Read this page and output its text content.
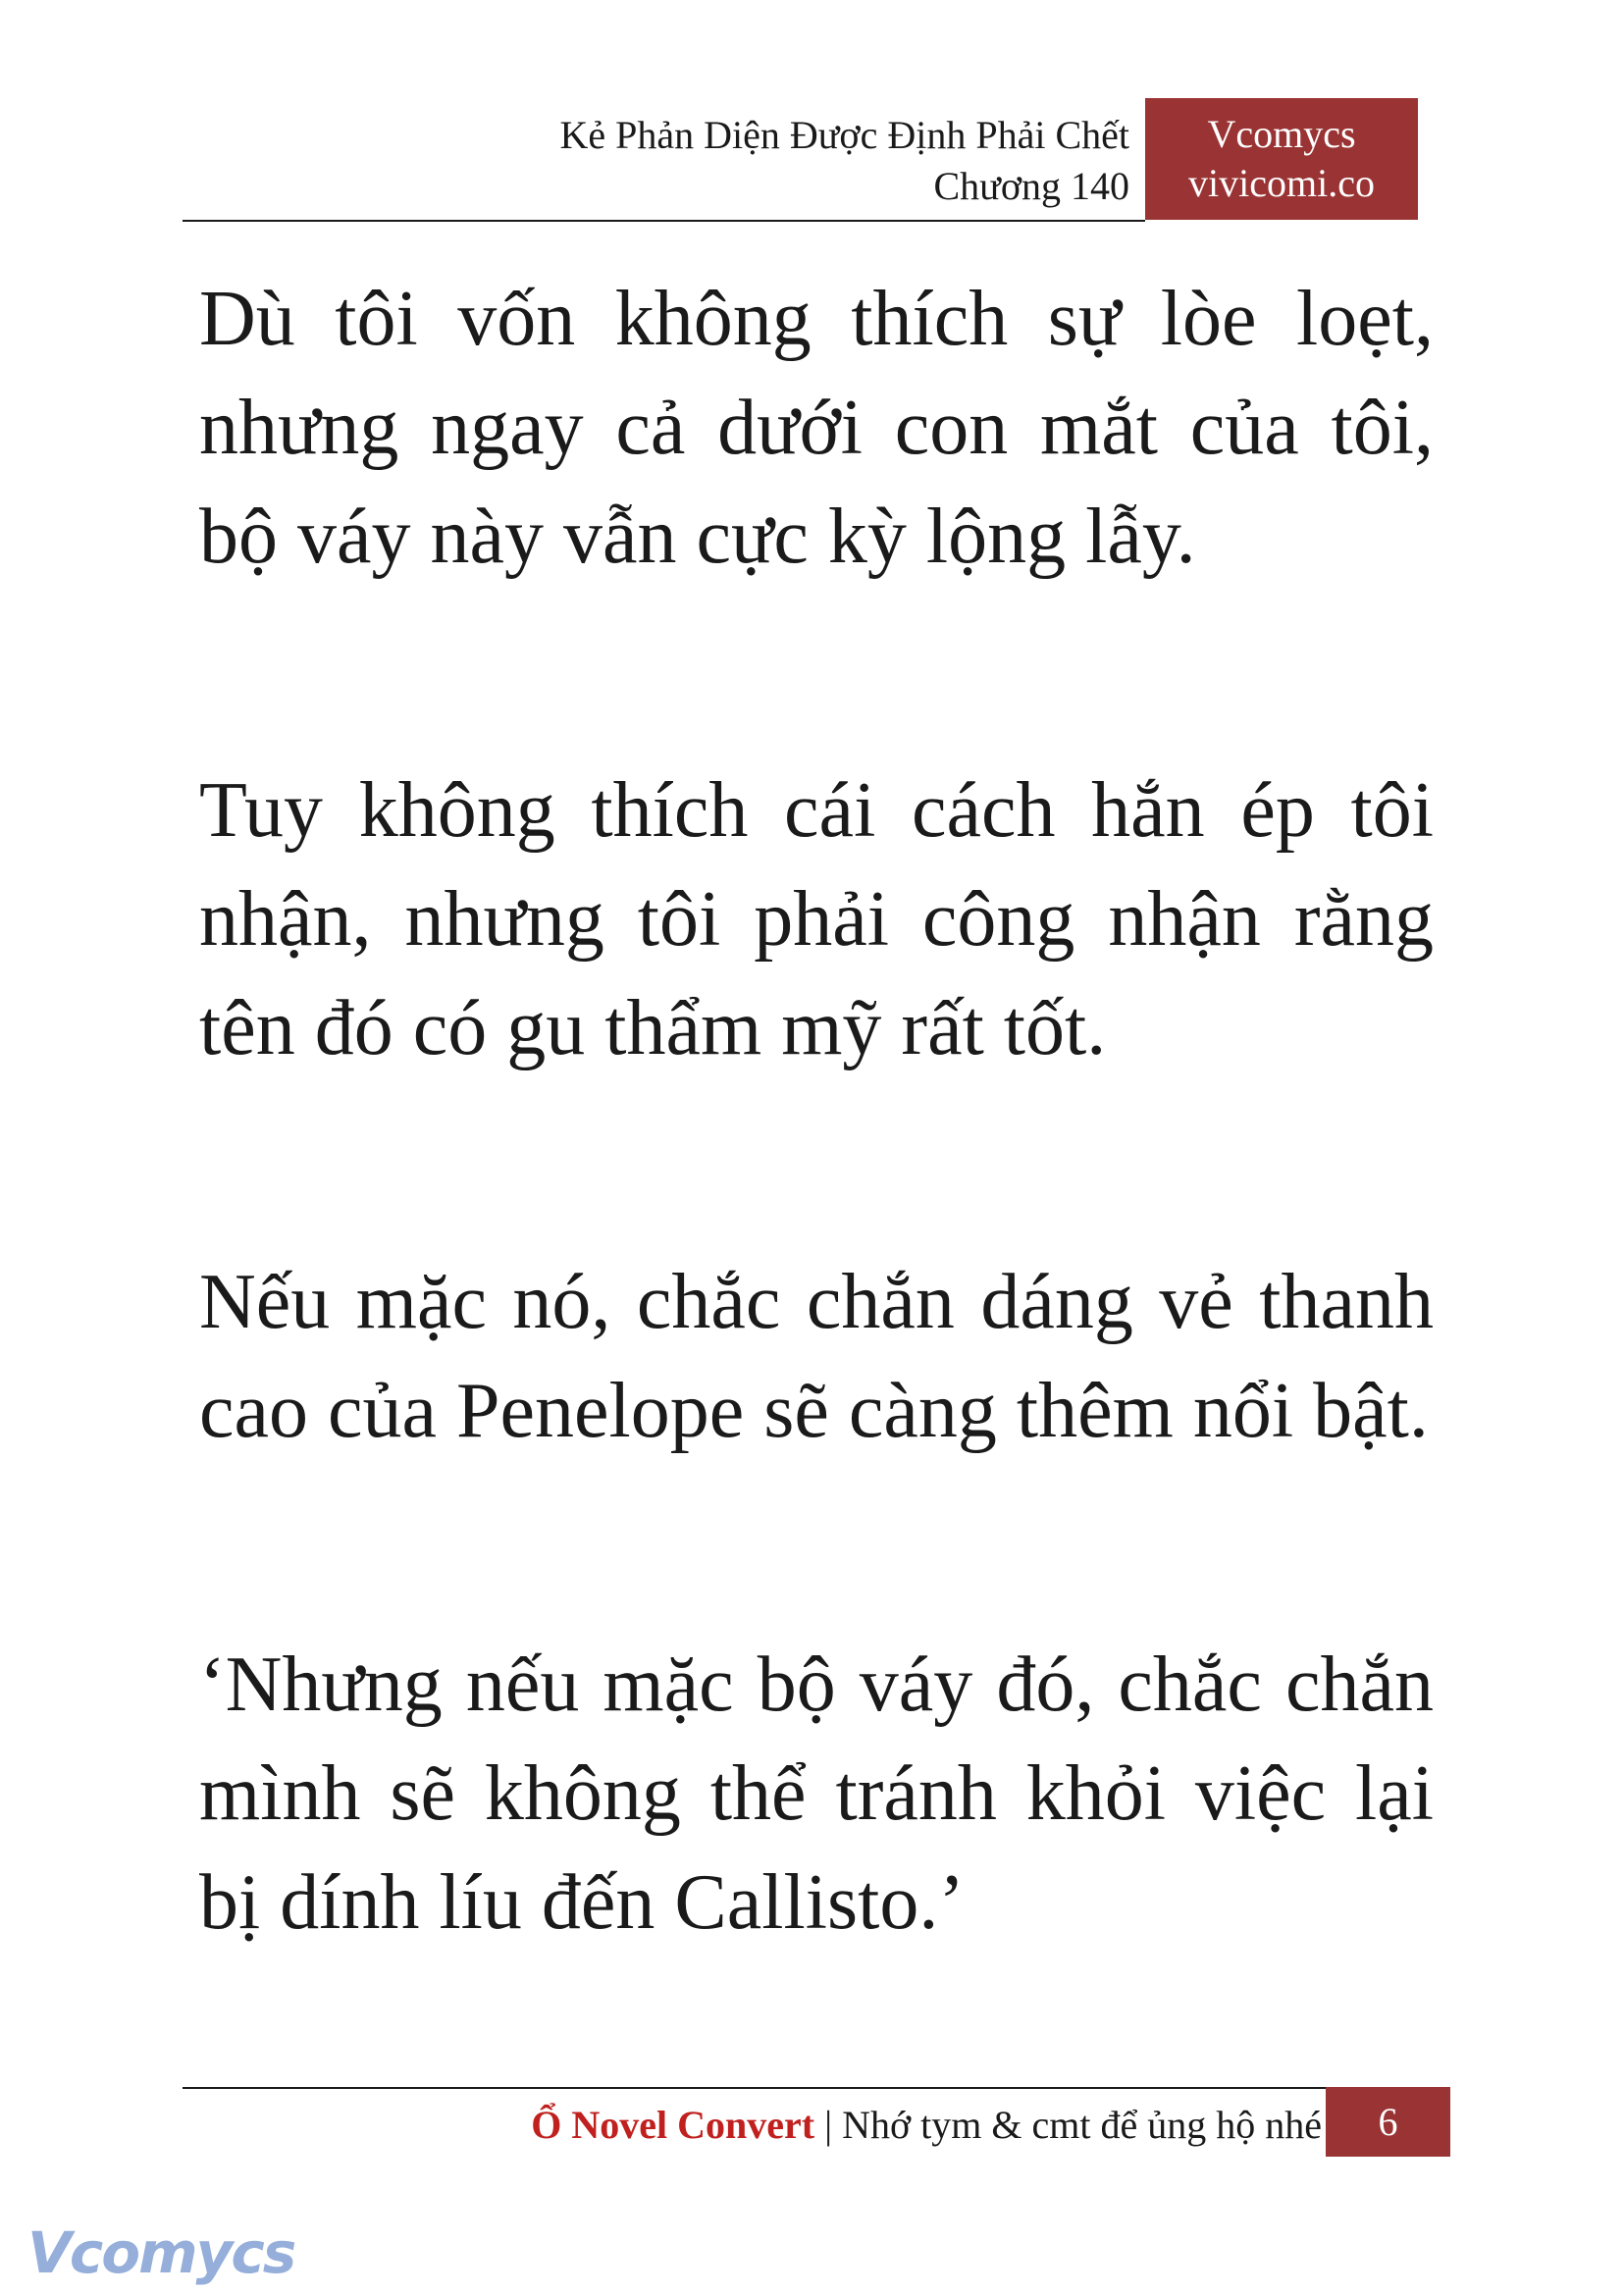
Kẻ Phản Diện Được Định Phải Chết
Chương 140
Vcomycs
vivicomi.co

Dù tôi vốn không thích sự lòe loẹt, nhưng ngay cả dưới con mắt của tôi, bộ váy này vẫn cực kỳ lộng lẫy.

Tuy không thích cái cách hắn ép tôi nhận, nhưng tôi phải công nhận rằng tên đó có gu thẩm mỹ rất tốt.

Nếu mặc nó, chắc chắn dáng vẻ thanh cao của Penelope sẽ càng thêm nổi bật.

‘Nhưng nếu mặc bộ váy đó, chắc chắn mình sẽ không thể tránh khỏi việc lại bị dính líu đến Callisto.’

Ổ Novel Convert | Nhớ tym & cmt để ủng hộ nhé	6
Vcomycs
